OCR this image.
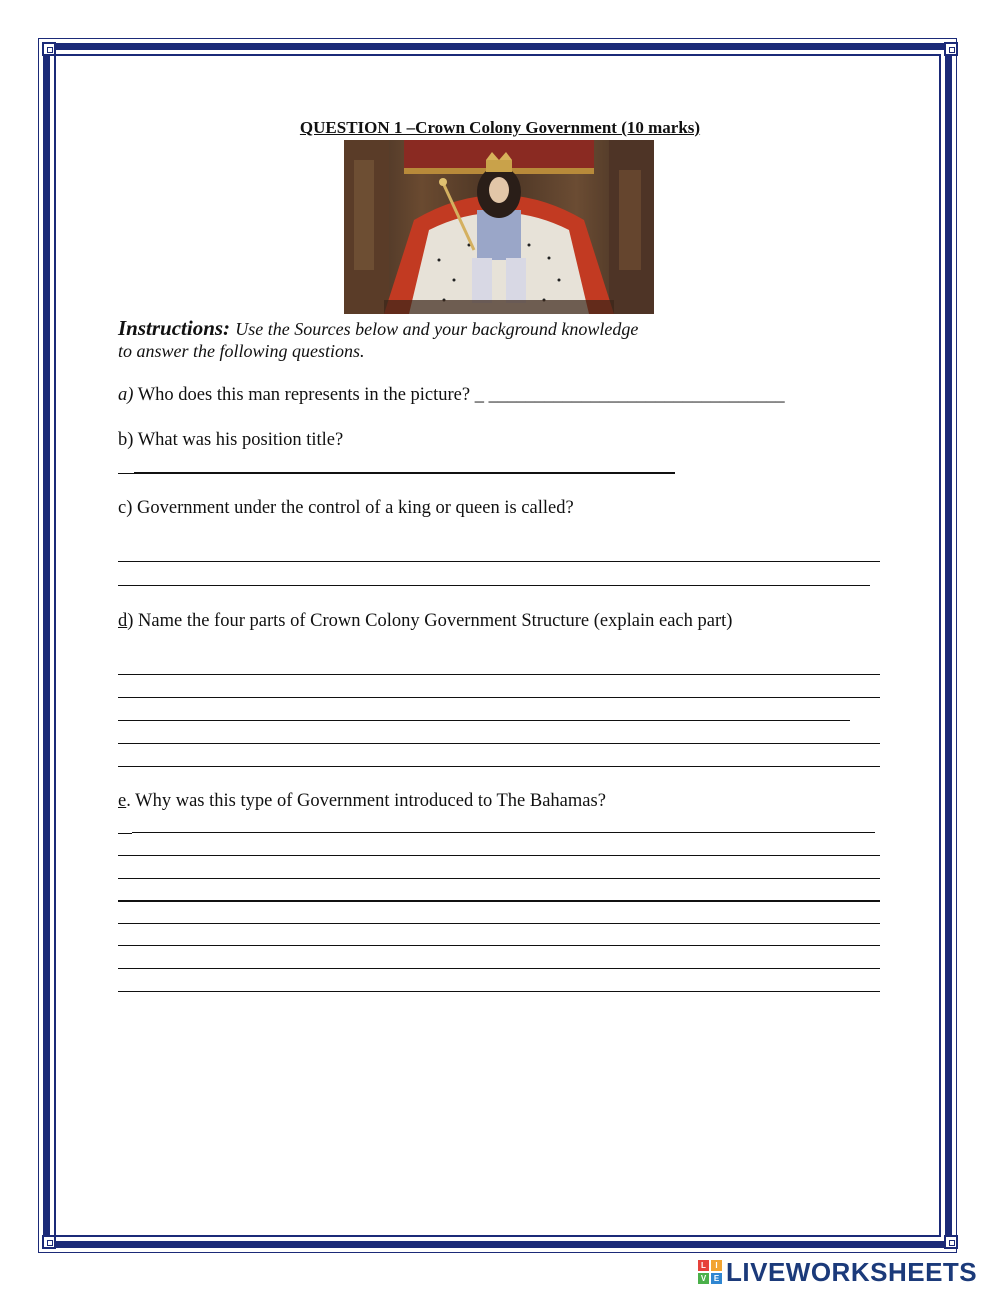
QUESTION 1 –Crown Colony Government (10 marks)
Instructions: Use the Sources below and your background knowledge
to answer the following questions.
a) Who does this man represents in the picture? _ ________________________________
b) What was his position title?
c) Government under the control of a king or queen is called?
d) Name the four parts of Crown Colony Government Structure (explain each part)
e. Why was this type of Government introduced to The Bahamas?
L	I
V E LIVEWORKSHEETS
